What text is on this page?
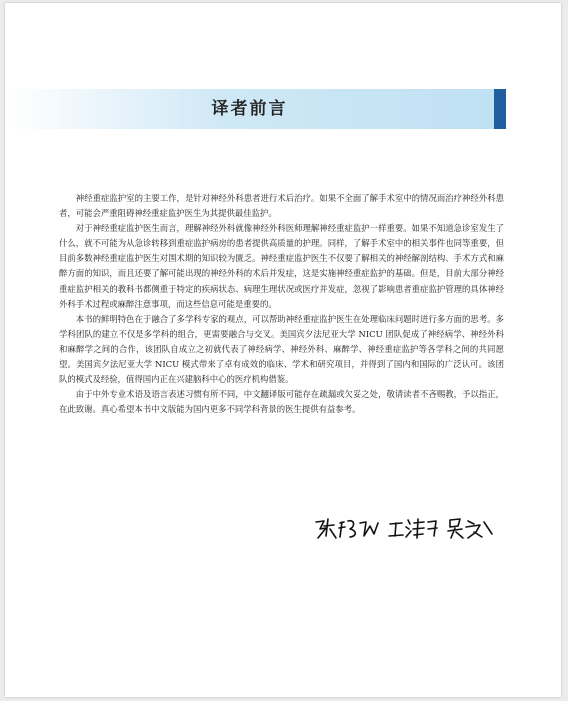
译者前言

神经重症监护室的主要工作，是针对神经外科患者进行术后治疗。如果不全面了解手术室中的情况而治疗神经外科患者，可能会严重阻碍神经重症监护医生为其提供最佳监护。

对于神经重症监护医生而言，理解神经外科就像神经外科医师理解神经重症监护一样重要。如果不知道急诊室发生了什么，就不可能为从急诊转移到重症监护病房的患者提供高质量的护理。同样，了解手术室中的相关事件也同等重要，但目前多数神经重症监护医生对围术期的知识较为匮乏。神经重症监护医生不仅要了解相关的神经解剖结构、手术方式和麻醉方面的知识，而且还要了解可能出现的神经外科的术后并发症，这是实施神经重症监护的基础。但是，目前大部分神经重症监护相关的教科书都侧重于特定的疾病状态、病理生理状况或医疗并发症，忽视了影响患者重症监护管理的具体神经外科手术过程或麻醉注意事项，而这些信息可能是重要的。

本书的鲜明特色在于融合了多学科专家的观点，可以帮助神经重症监护医生在处理临床问题时进行多方面的思考。多学科团队的建立不仅是多学科的组合，更需要融合与交叉。美国宾夕法尼亚大学 NICU 团队促成了神经病学、神经外科和麻醉学之间的合作，该团队自成立之初就代表了神经病学、神经外科、麻醉学、神经重症监护等各学科之间的共同愿望。美国宾夕法尼亚大学 NICU 模式带来了卓有成效的临床、学术和研究项目，并得到了国内和国际的广泛认可。该团队的模式及经验，值得国内正在兴建脑科中心的医疗机构借鉴。

由于中外专业术语及语言表述习惯有所不同，中文翻译版可能存在疏漏或欠妥之处，敬请读者不吝赐教，予以指正，在此致谢。真心希望本书中文版能为国内更多不同学科背景的医生提供有益参考。
